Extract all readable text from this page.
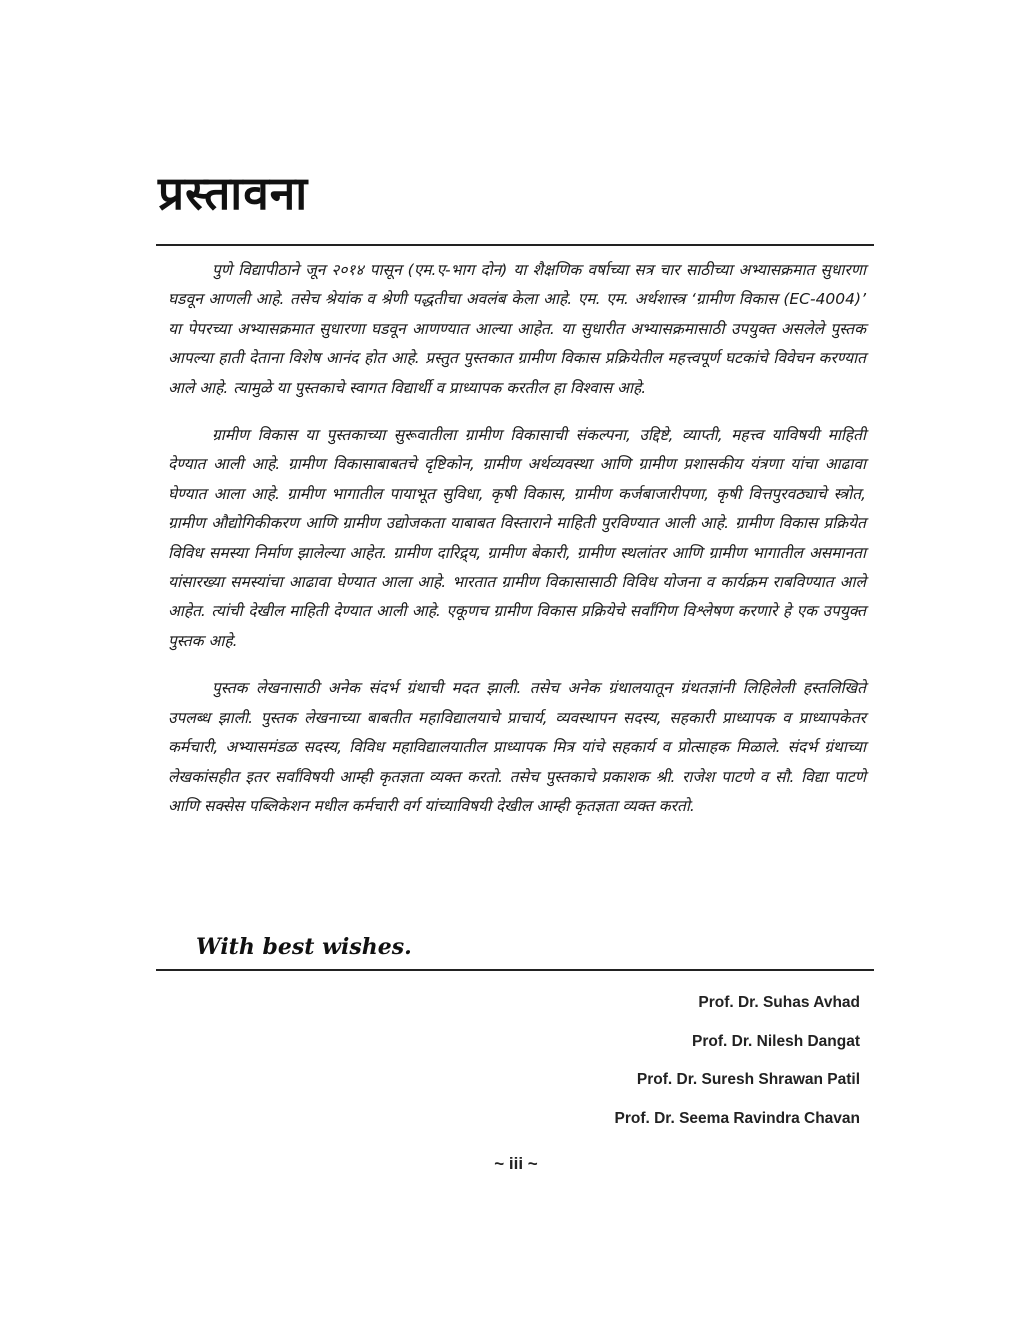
प्रस्तावना

पुणे विद्यापीठाने जून २०१४ पासून (एम.ए-भाग दोन) या शैक्षणिक वर्षाच्या सत्र चार साठीच्या अभ्यासक्रमात सुधारणा घडवून आणली आहे. तसेच श्रेयांक व श्रेणी पद्धतीचा अवलंब केला आहे. एम. एम. अर्थशास्त्र ‘ग्रामीण विकास (EC-4004)’ या पेपरच्या अभ्यासक्रमात सुधारणा घडवून आणण्यात आल्या आहेत. या सुधारीत अभ्यासक्रमासाठी उपयुक्त असलेले पुस्तक आपल्या हाती देताना विशेष आनंद होत आहे. प्रस्तुत पुस्तकात ग्रामीण विकास प्रक्रियेतील महत्त्वपूर्ण घटकांचे विवेचन करण्यात आले आहे. त्यामुळे या पुस्तकाचे स्वागत विद्यार्थी व प्राध्यापक करतील हा विश्वास आहे.

ग्रामीण विकास या पुस्तकाच्या सुरूवातीला ग्रामीण विकासाची संकल्पना, उद्दिष्टे, व्याप्ती, महत्त्व याविषयी माहिती देण्यात आली आहे. ग्रामीण विकासाबाबतचे दृष्टिकोन, ग्रामीण अर्थव्यवस्था आणि ग्रामीण प्रशासकीय यंत्रणा यांचा आढावा घेण्यात आला आहे. ग्रामीण भागातील पायाभूत सुविधा, कृषी विकास, ग्रामीण कर्जबाजारीपणा, कृषी वित्तपुरवठ्याचे स्त्रोत, ग्रामीण औद्योगिकीकरण आणि ग्रामीण उद्योजकता याबाबत विस्ताराने माहिती पुरविण्यात आली आहे. ग्रामीण विकास प्रक्रियेत विविध समस्या निर्माण झालेल्या आहेत. ग्रामीण दारिद्र्य, ग्रामीण बेकारी, ग्रामीण स्थलांतर आणि ग्रामीण भागातील असमानता यांसारख्या समस्यांचा आढावा घेण्यात आला आहे. भारतात ग्रामीण विकासासाठी विविध योजना व कार्यक्रम राबविण्यात आले आहेत. त्यांची देखील माहिती देण्यात आली आहे. एकूणच ग्रामीण विकास प्रक्रियेचे सर्वांगिण विश्लेषण करणारे हे एक उपयुक्त पुस्तक आहे.

पुस्तक लेखनासाठी अनेक संदर्भ ग्रंथाची मदत झाली. तसेच अनेक ग्रंथालयातून ग्रंथतज्ञांनी लिहिलेली हस्तलिखिते उपलब्ध झाली. पुस्तक लेखनाच्या बाबतीत महाविद्यालयाचे प्राचार्य, व्यवस्थापन सदस्य, सहकारी प्राध्यापक व प्राध्यापकेतर कर्मचारी, अभ्यासमंडळ सदस्य, विविध महाविद्यालयातील प्राध्यापक मित्र यांचे सहकार्य व प्रोत्साहक मिळाले. संदर्भ ग्रंथाच्या लेखकांसहीत इतर सर्वांविषयी आम्ही कृतज्ञता व्यक्त करतो. तसेच पुस्तकाचे प्रकाशक श्री. राजेश पाटणे व सौ. विद्या पाटणे आणि सक्सेस पब्लिकेशन मधील कर्मचारी वर्ग यांच्याविषयी देखील आम्ही कृतज्ञता व्यक्त करतो.

With best wishes.
Prof. Dr. Suhas Avhad
Prof. Dr. Nilesh Dangat
Prof. Dr. Suresh Shrawan Patil
Prof. Dr. Seema Ravindra Chavan
~ iii ~
